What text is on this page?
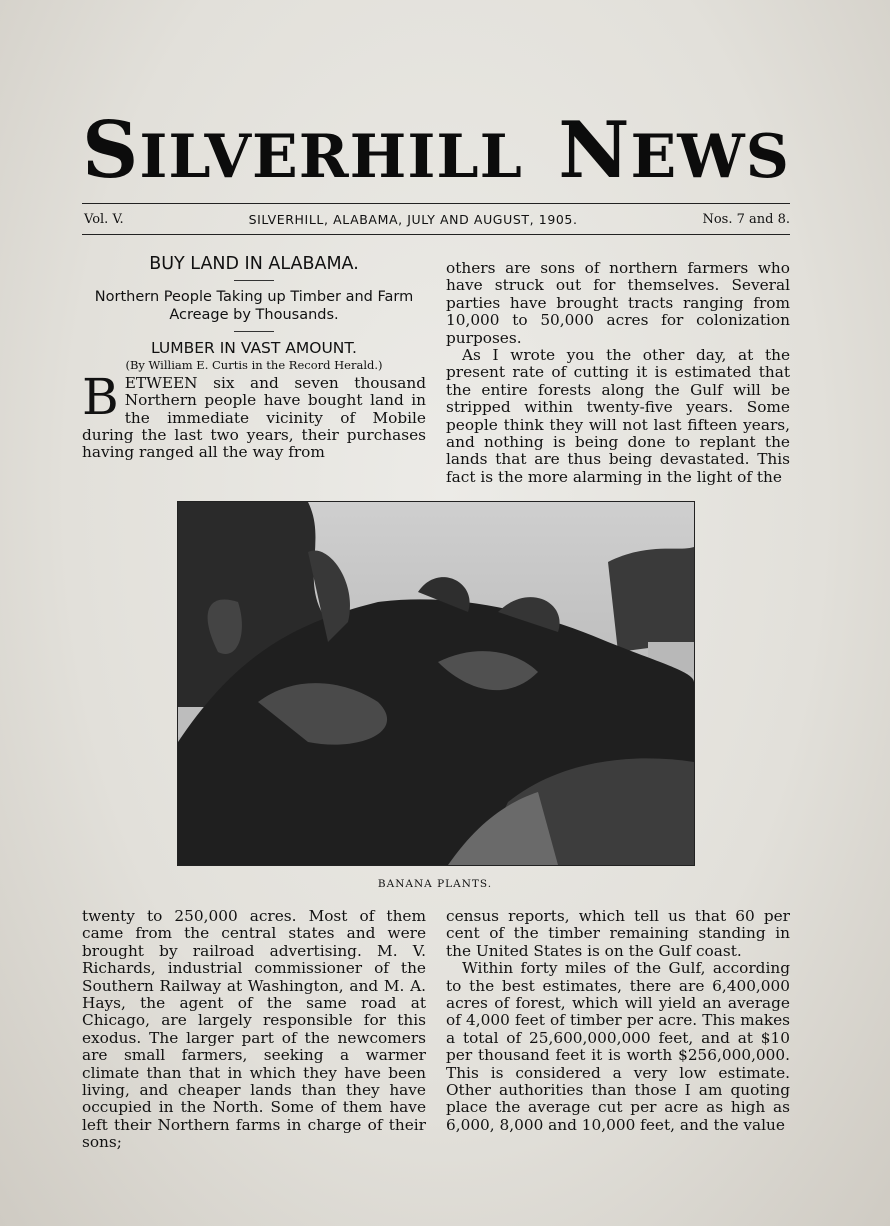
SILVERHILL NEWS
Vol. V.	SILVERHILL, ALABAMA, JULY AND AUGUST, 1905.	Nos. 7 and 8.

BUY LAND IN ALABAMA.

Northern People Taking up Timber and Farm Acreage by Thousands.

LUMBER IN VAST AMOUNT.

(By William E. Curtis in the Record Herald.)

BETWEEN six and seven thousand Northern people have bought land in the immediate vicinity of Mobile during the last two years, their purchases having ranged all the way from

others are sons of northern farmers who have struck out for themselves. Several parties have brought tracts ranging from 10,000 to 50,000 acres for colonization purposes.

As I wrote you the other day, at the present rate of cutting it is estimated that the entire forests along the Gulf will be stripped within twenty-five years. Some people think they will not last fifteen years, and nothing is being done to replant the lands that are thus being devastated. This fact is the more alarming in the light of the

BANANA PLANTS.

twenty to 250,000 acres. Most of them came from the central states and were brought by railroad advertising. M. V. Richards, industrial commissioner of the Southern Railway at Washington, and M. A. Hays, the agent of the same road at Chicago, are largely responsible for this exodus. The larger part of the newcomers are small farmers, seeking a warmer climate than that in which they have been living, and cheaper lands than they have occupied in the North. Some of them have left their Northern farms in charge of their sons;

census reports, which tell us that 60 per cent of the timber remaining standing in the United States is on the Gulf coast.

Within forty miles of the Gulf, according to the best estimates, there are 6,400,000 acres of forest, which will yield an average of 4,000 feet of timber per acre. This makes a total of 25,600,000,000 feet, and at $10 per thousand feet it is worth $256,000,000. This is considered a very low estimate. Other authorities than those I am quoting place the average cut per acre as high as 6,000, 8,000 and 10,000 feet, and the value
